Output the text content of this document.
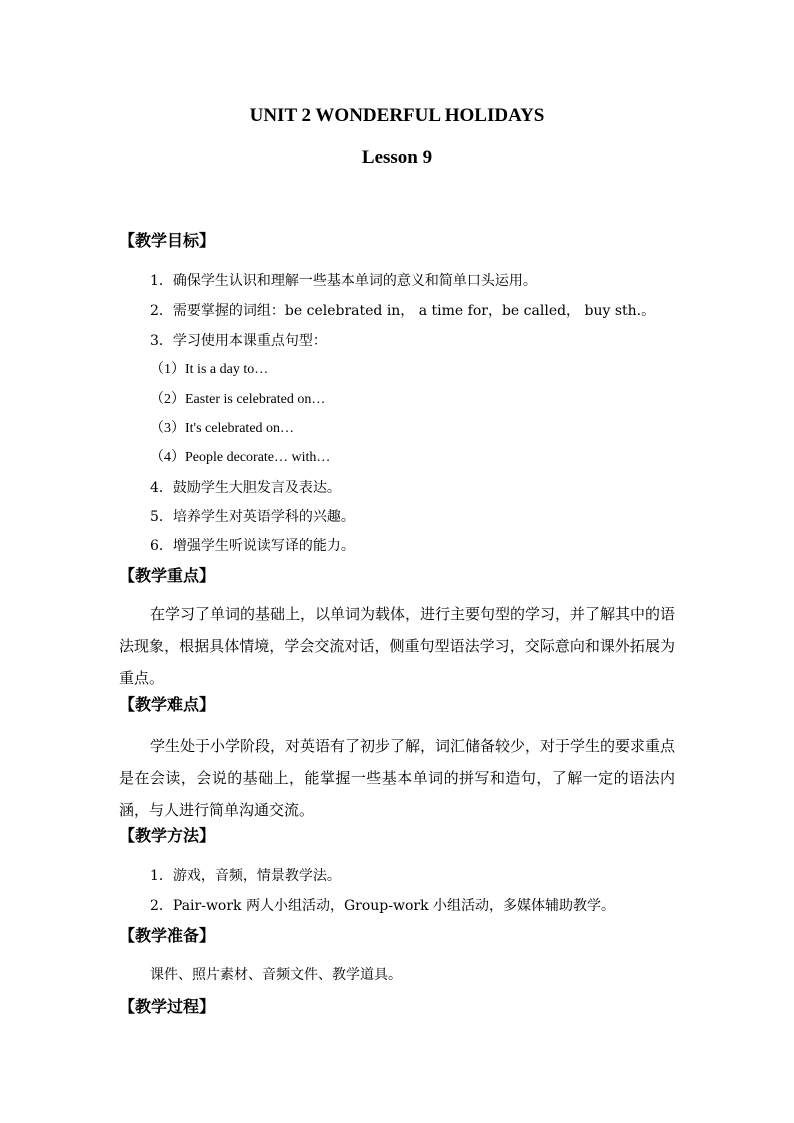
UNIT 2 WONDERFUL HOLIDAYS
Lesson 9
【教学目标】
1．确保学生认识和理解一些基本单词的意义和简单口头运用。
2．需要掌握的词组：be celebrated in， a time for，be called， buy sth.。
3．学习使用本课重点句型：
（1）It is a day to…
（2）Easter is celebrated on…
（3）It's celebrated on…
（4）People decorate… with…
4．鼓励学生大胆发言及表达。
5．培养学生对英语学科的兴趣。
6．增强学生听说读写译的能力。
【教学重点】
在学习了单词的基础上，以单词为载体，进行主要句型的学习，并了解其中的语法现象，根据具体情境，学会交流对话，侧重句型语法学习，交际意向和课外拓展为重点。
【教学难点】
学生处于小学阶段，对英语有了初步了解，词汇储备较少，对于学生的要求重点是在会读，会说的基础上，能掌握一些基本单词的拼写和造句，了解一定的语法内涵，与人进行简单沟通交流。
【教学方法】
1．游戏，音频，情景教学法。
2．Pair-work 两人小组活动，Group-work 小组活动，多媒体辅助教学。
【教学准备】
课件、照片素材、音频文件、教学道具。
【教学过程】
